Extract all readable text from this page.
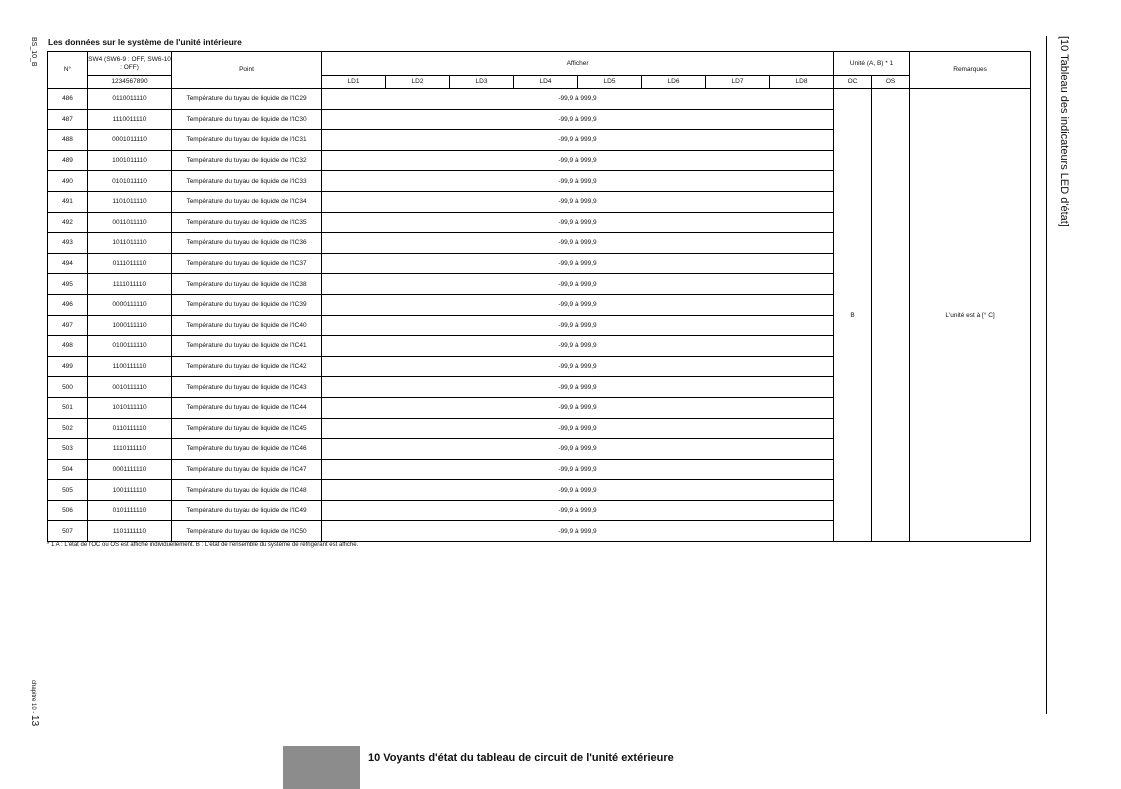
BS_10_B Les données sur le système de l'unité intérieure
N°	SW4 (SW6-9 : OFF, SW6-10 : OFF)	Point	Afficher								Unité (A, B) * 1		Remarques
	1234567890		LD1	LD2	LD3	LD4	LD5	LD6	LD7	LD8	OC	OS	
486	0110011110	Température du tuyau de liquide de l'IC29	-99,9 à 999,9								B		L'unité est à [° C]
487	1110011110	Température du tuyau de liquide de l'IC30	-99,9 à 999,9										
488	0001011110	Température du tuyau de liquide de l'IC31	-99,9 à 999,9										
489	1001011110	Température du tuyau de liquide de l'IC32	-99,9 à 999,9										
490	0101011110	Température du tuyau de liquide de l'IC33	-99,9 à 999,9										
491	1101011110	Température du tuyau de liquide de l'IC34	-99,9 à 999,9										
492	0011011110	Température du tuyau de liquide de l'IC35	-99,9 à 999,9										
493	1011011110	Température du tuyau de liquide de l'IC36	-99,9 à 999,9										
494	0111011110	Température du tuyau de liquide de l'IC37	-99,9 à 999,9										
495	1111011110	Température du tuyau de liquide de l'IC38	-99,9 à 999,9										
496	0000111110	Température du tuyau de liquide de l'IC39	-99,9 à 999,9										
497	1000111110	Température du tuyau de liquide de l'IC40	-99,9 à 999,9										
498	0100111110	Température du tuyau de liquide de l'IC41	-99,9 à 999,9										
499	1100111110	Température du tuyau de liquide de l'IC42	-99,9 à 999,9										
500	0010111110	Température du tuyau de liquide de l'IC43	-99,9 à 999,9										
501	1010111110	Température du tuyau de liquide de l'IC44	-99,9 à 999,9										
502	0110111110	Température du tuyau de liquide de l'IC45	-99,9 à 999,9										
503	1110111110	Température du tuyau de liquide de l'IC46	-99,9 à 999,9										
504	0001111110	Température du tuyau de liquide de l'IC47	-99,9 à 999,9										
505	1001111110	Température du tuyau de liquide de l'IC48	-99,9 à 999,9										
506	0101111110	Température du tuyau de liquide de l'IC49	-99,9 à 999,9										
507	1101111110	Température du tuyau de liquide de l'IC50	-99,9 à 999,9										
* 1 A : L'état de l'OC ou OS est affiché individuellement. B : L'état de l'ensemble du système de réfrigérant est affiché.
[10 Tableau des indicateurs LED d'état]
chapitre 10 - 13
10 Voyants d'état du tableau de circuit de l'unité extérieure
